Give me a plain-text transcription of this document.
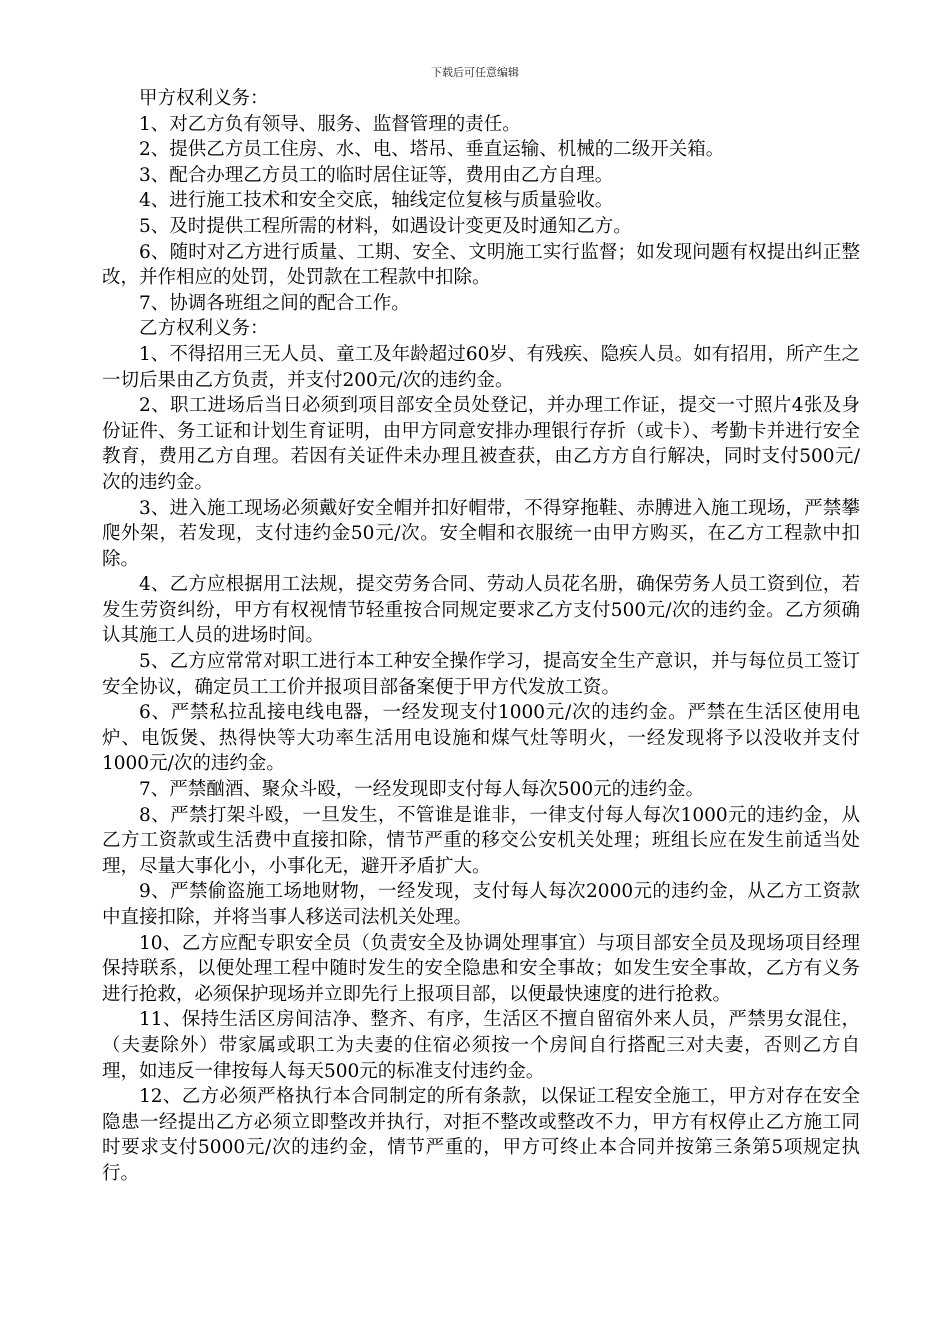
下载后可任意编辑

甲方权利义务：

1、对乙方负有领导、服务、监督管理的责任。

2、提供乙方员工住房、水、电、塔吊、垂直运输、机械的二级开关箱。

3、配合办理乙方员工的临时居住证等，费用由乙方自理。

4、进行施工技术和安全交底，轴线定位复核与质量验收。

5、及时提供工程所需的材料，如遇设计变更及时通知乙方。

6、随时对乙方进行质量、工期、安全、文明施工实行监督；如发现问题有权提出纠正整改，并作相应的处罚，处罚款在工程款中扣除。

7、协调各班组之间的配合工作。

乙方权利义务：

1、不得招用三无人员、童工及年龄超过60岁、有残疾、隐疾人员。如有招用，所产生之一切后果由乙方负责，并支付200元/次的违约金。

2、职工进场后当日必须到项目部安全员处登记，并办理工作证，提交一寸照片4张及身份证件、务工证和计划生育证明，由甲方同意安排办理银行存折（或卡）、考勤卡并进行安全教育，费用乙方自理。若因有关证件未办理且被查获，由乙方方自行解决，同时支付500元/次的违约金。

3、进入施工现场必须戴好安全帽并扣好帽带，不得穿拖鞋、赤膊进入施工现场，严禁攀爬外架，若发现，支付违约金50元/次。安全帽和衣服统一由甲方购买，在乙方工程款中扣除。

4、乙方应根据用工法规，提交劳务合同、劳动人员花名册，确保劳务人员工资到位，若发生劳资纠纷，甲方有权视情节轻重按合同规定要求乙方支付500元/次的违约金。乙方须确认其施工人员的进场时间。

5、乙方应常常对职工进行本工种安全操作学习，提高安全生产意识，并与每位员工签订安全协议，确定员工工价并报项目部备案便于甲方代发放工资。

6、严禁私拉乱接电线电器，一经发现支付1000元/次的违约金。严禁在生活区使用电炉、电饭煲、热得快等大功率生活用电设施和煤气灶等明火，一经发现将予以没收并支付1000元/次的违约金。

7、严禁酗酒、聚众斗殴，一经发现即支付每人每次500元的违约金。

8、严禁打架斗殴，一旦发生，不管谁是谁非，一律支付每人每次1000元的违约金，从乙方工资款或生活费中直接扣除，情节严重的移交公安机关处理；班组长应在发生前适当处理，尽量大事化小，小事化无，避开矛盾扩大。

9、严禁偷盗施工场地财物，一经发现，支付每人每次2000元的违约金，从乙方工资款中直接扣除，并将当事人移送司法机关处理。

10、乙方应配专职安全员（负责安全及协调处理事宜）与项目部安全员及现场项目经理保持联系，以便处理工程中随时发生的安全隐患和安全事故；如发生安全事故，乙方有义务进行抢救，必须保护现场并立即先行上报项目部，以便最快速度的进行抢救。

11、保持生活区房间洁净、整齐、有序，生活区不擅自留宿外来人员，严禁男女混住，（夫妻除外）带家属或职工为夫妻的住宿必须按一个房间自行搭配三对夫妻，否则乙方自理，如违反一律按每人每天500元的标准支付违约金。

12、乙方必须严格执行本合同制定的所有条款，以保证工程安全施工，甲方对存在安全隐患一经提出乙方必须立即整改并执行，对拒不整改或整改不力，甲方有权停止乙方施工同时要求支付5000元/次的违约金，情节严重的，甲方可终止本合同并按第三条第5项规定执行。
